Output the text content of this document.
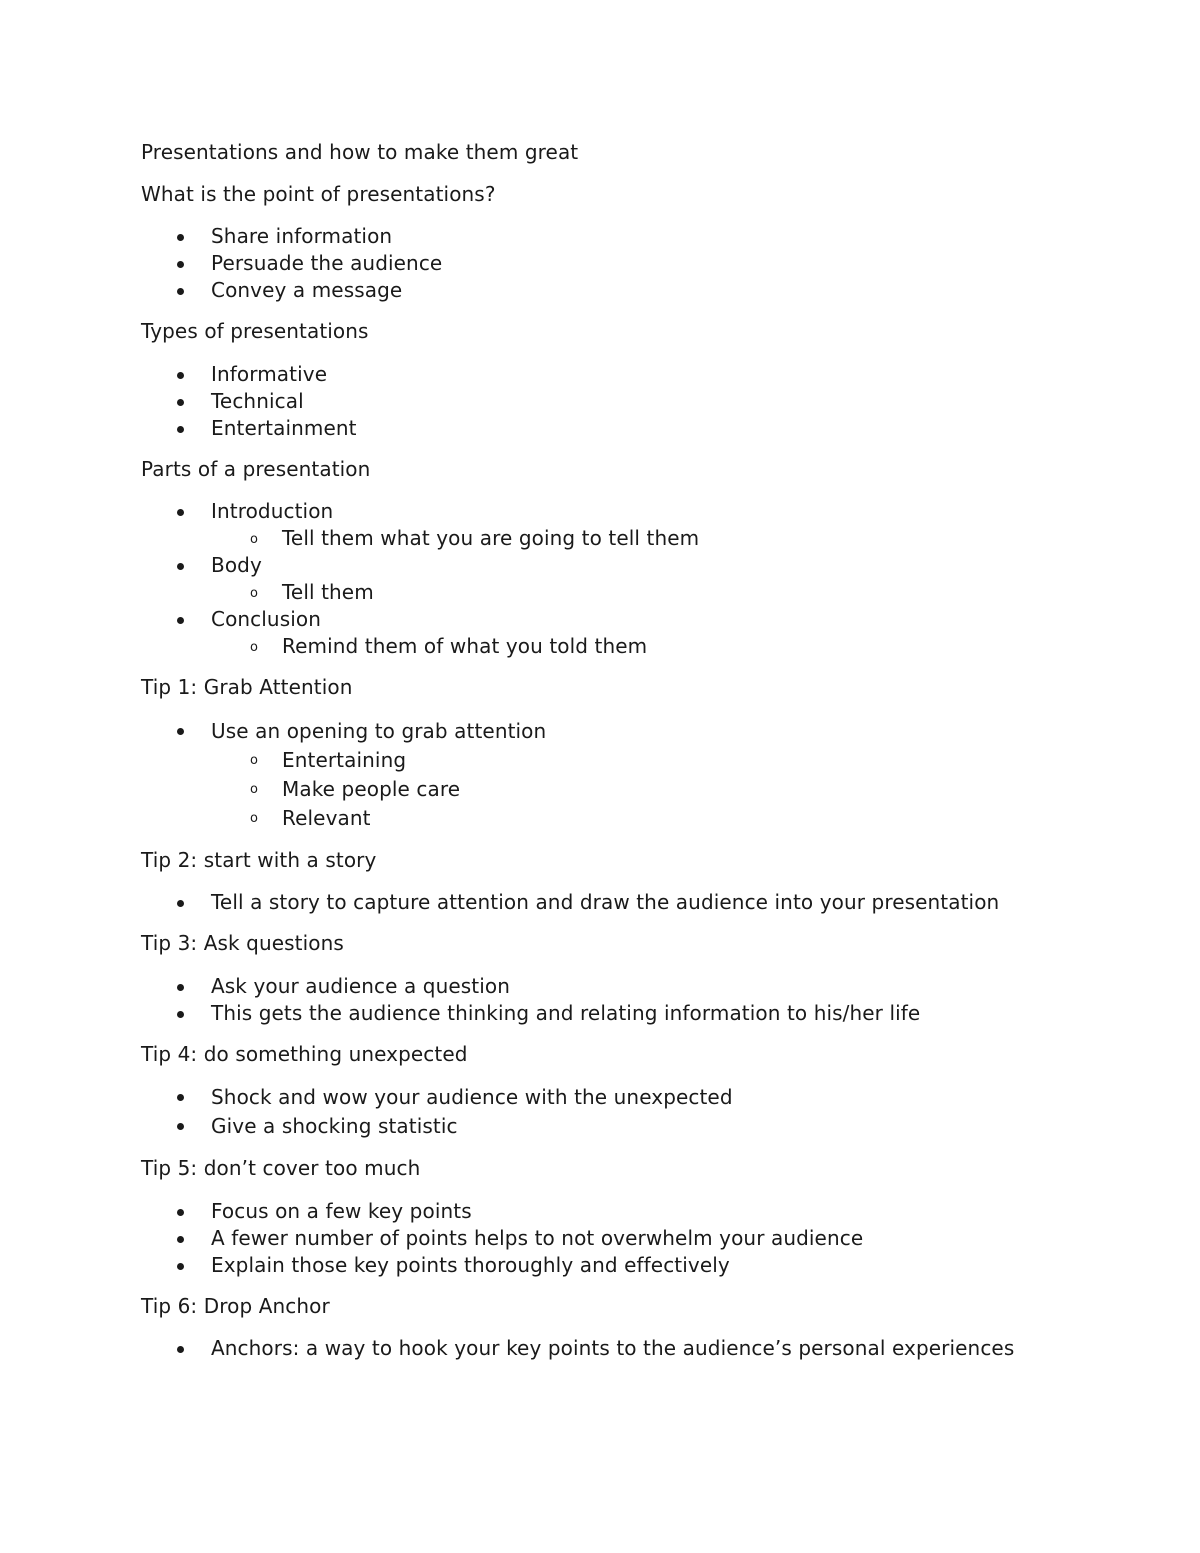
Presentations and how to make them great

What is the point of presentations?

Share information
Persuade the audience
Convey a message

Types of presentations

Informative
Technical
Entertainment

Parts of a presentation

Introduction
o Tell them what you are going to tell them
Body
o Tell them
Conclusion
o Remind them of what you told them

Tip 1: Grab Attention

Use an opening to grab attention
o Entertaining
o Make people care
o Relevant

Tip 2: start with a story

Tell a story to capture attention and draw the audience into your presentation

Tip 3: Ask questions

Ask your audience a question
This gets the audience thinking and relating information to his/her life

Tip 4: do something unexpected

Shock and wow your audience with the unexpected
Give a shocking statistic

Tip 5: don’t cover too much

Focus on a few key points
A fewer number of points helps to not overwhelm your audience
Explain those key points thoroughly and effectively

Tip 6: Drop Anchor

Anchors: a way to hook your key points to the audience’s personal experiences
